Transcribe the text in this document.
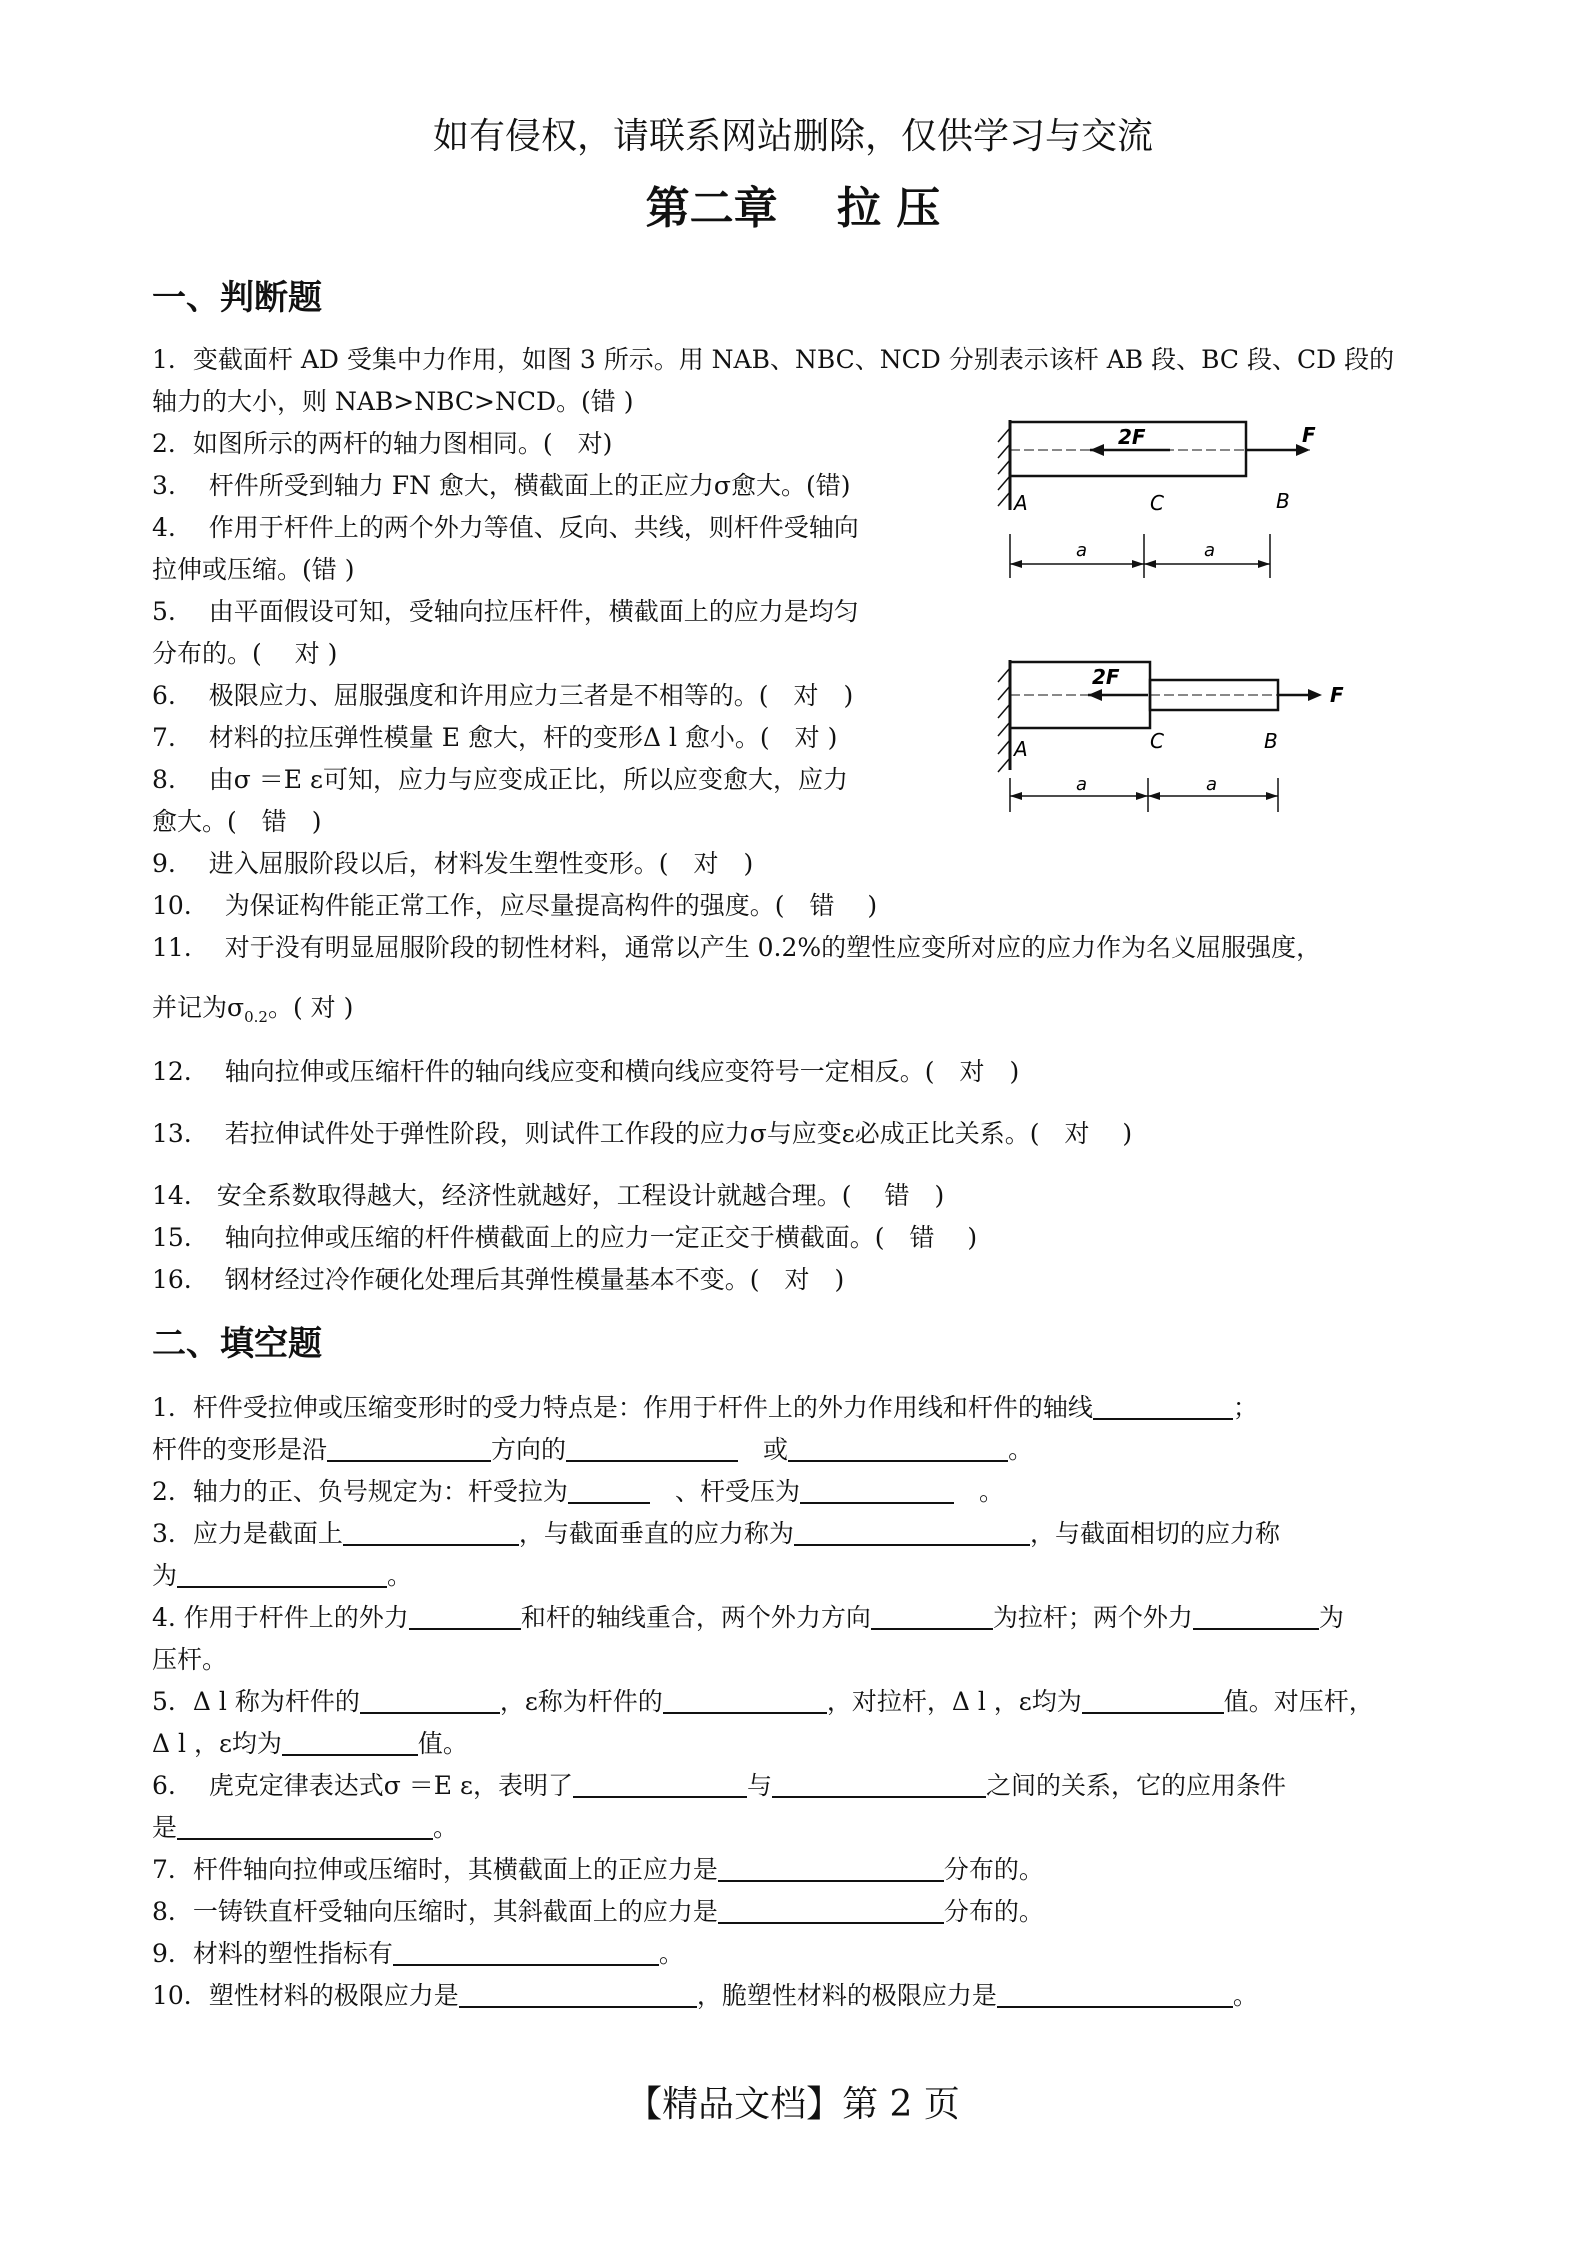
如有侵权，请联系网站删除，仅供学习与交流
第二章　 拉 压
一、判断题
1．变截面杆 AD 受集中力作用，如图 3 所示。用 NAB、NBC、NCD 分别表示该杆 AB 段、BC 段、CD 段的
轴力的大小，则 NAB>NBC>NCD。(错 )
2．如图所示的两杆的轴力图相同。(　对)
3.　 杆件所受到轴力 FN 愈大，横截面上的正应力σ愈大。(错)
4.　 作用于杆件上的两个外力等值、反向、共线，则杆件受轴向
拉伸或压缩。(错 )
5.　 由平面假设可知，受轴向拉压杆件，横截面上的应力是均匀
分布的。(　 对 )
6.　 极限应力、屈服强度和许用应力三者是不相等的。(　对　)
7.　 材料的拉压弹性模量 E 愈大，杆的变形Δ l 愈小。(　对 )
8.　 由σ ＝E ε可知，应力与应变成正比，所以应变愈大，应力
愈大。(　错　)
9.　 进入屈服阶段以后，材料发生塑性变形。(　对　)
10.　 为保证构件能正常工作，应尽量提高构件的强度。(　错　 )
11.　 对于没有明显屈服阶段的韧性材料，通常以产生 0.2%的塑性应变所对应的应力作为名义屈服强度，
并记为$\sigma_{0.2}$。( 对 )
12.　 轴向拉伸或压缩杆件的轴向线应变和横向线应变符号一定相反。(　对　)
13.　 若拉伸试件处于弹性阶段，则试件工作段的应力σ与应变ε必成正比关系。(　对　 )
14.　安全系数取得越大，经济性就越好，工程设计就越合理。(　 错　)
15.　 轴向拉伸或压缩的杆件横截面上的应力一定正交于横截面。(　错　 )
16.　 钢材经过冷作硬化处理后其弹性模量基本不变。(　对　)
2F	F
A	C	B
a	a
2F
F
A	C	B
a	a
二、填空题
1．杆件受拉伸或压缩变形时的受力特点是：作用于杆件上的外力作用线和杆件的轴线	；
杆件的变形是沿	方向的　	或	。
2．轴力的正、负号规定为：杆受拉为　	、杆受压为　	。
3．应力是截面上	，与截面垂直的应力称为	，与截面相切的应力称
为	。
4. 作用于杆件上的外力	和杆的轴线重合，两个外力方向	为拉杆；两个外力	为
压杆。
5．Δ l 称为杆件的	，ε称为杆件的	，对拉杆，Δ l ，ε均为	值。对压杆，
Δ l ，ε均为	值。
6.　 虎克定律表达式σ ＝E ε，表明了	与	之间的关系，它的应用条件
是	。
7．杆件轴向拉伸或压缩时，其横截面上的正应力是	分布的。
8．一铸铁直杆受轴向压缩时，其斜截面上的应力是	分布的。
9．材料的塑性指标有	。
10．塑性材料的极限应力是	，脆塑性材料的极限应力是	。
【精品文档】第 2 页
